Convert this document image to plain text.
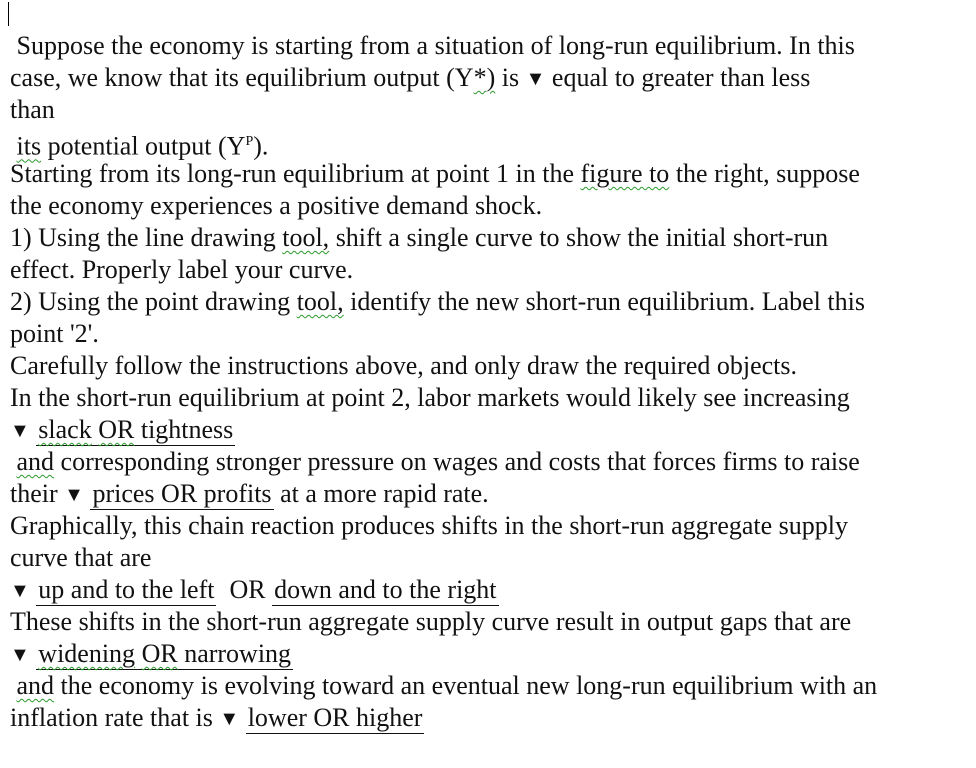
Suppose the economy is starting from a situation of long-run equilibrium. In this
case, we know that its equilibrium output (Y*) is ▼ equal to greater than less
than
its potential output $(Y^P)$.
Starting from its long-run equilibrium at point 1 in the figure to the right, suppose
the economy experiences a positive demand shock.
1) Using the line drawing tool, shift a single curve to show the initial short-run
effect. Properly label your curve.
2) Using the point drawing tool, identify the new short-run equilibrium. Label this
point '2'.
Carefully follow the instructions above, and only draw the required objects.
In the short-run equilibrium at point 2, labor markets would likely see increasing
▼ slack OR tightness
and corresponding stronger pressure on wages and costs that forces firms to raise
their ▼ prices OR profits at a more rapid rate.
Graphically, this chain reaction produces shifts in the short-run aggregate supply
curve that are
▼ up and to the left OR down and to the right
These shifts in the short-run aggregate supply curve result in output gaps that are
▼ widening OR narrowing
and the economy is evolving toward an eventual new long-run equilibrium with an
inflation rate that is ▼ lower OR higher
